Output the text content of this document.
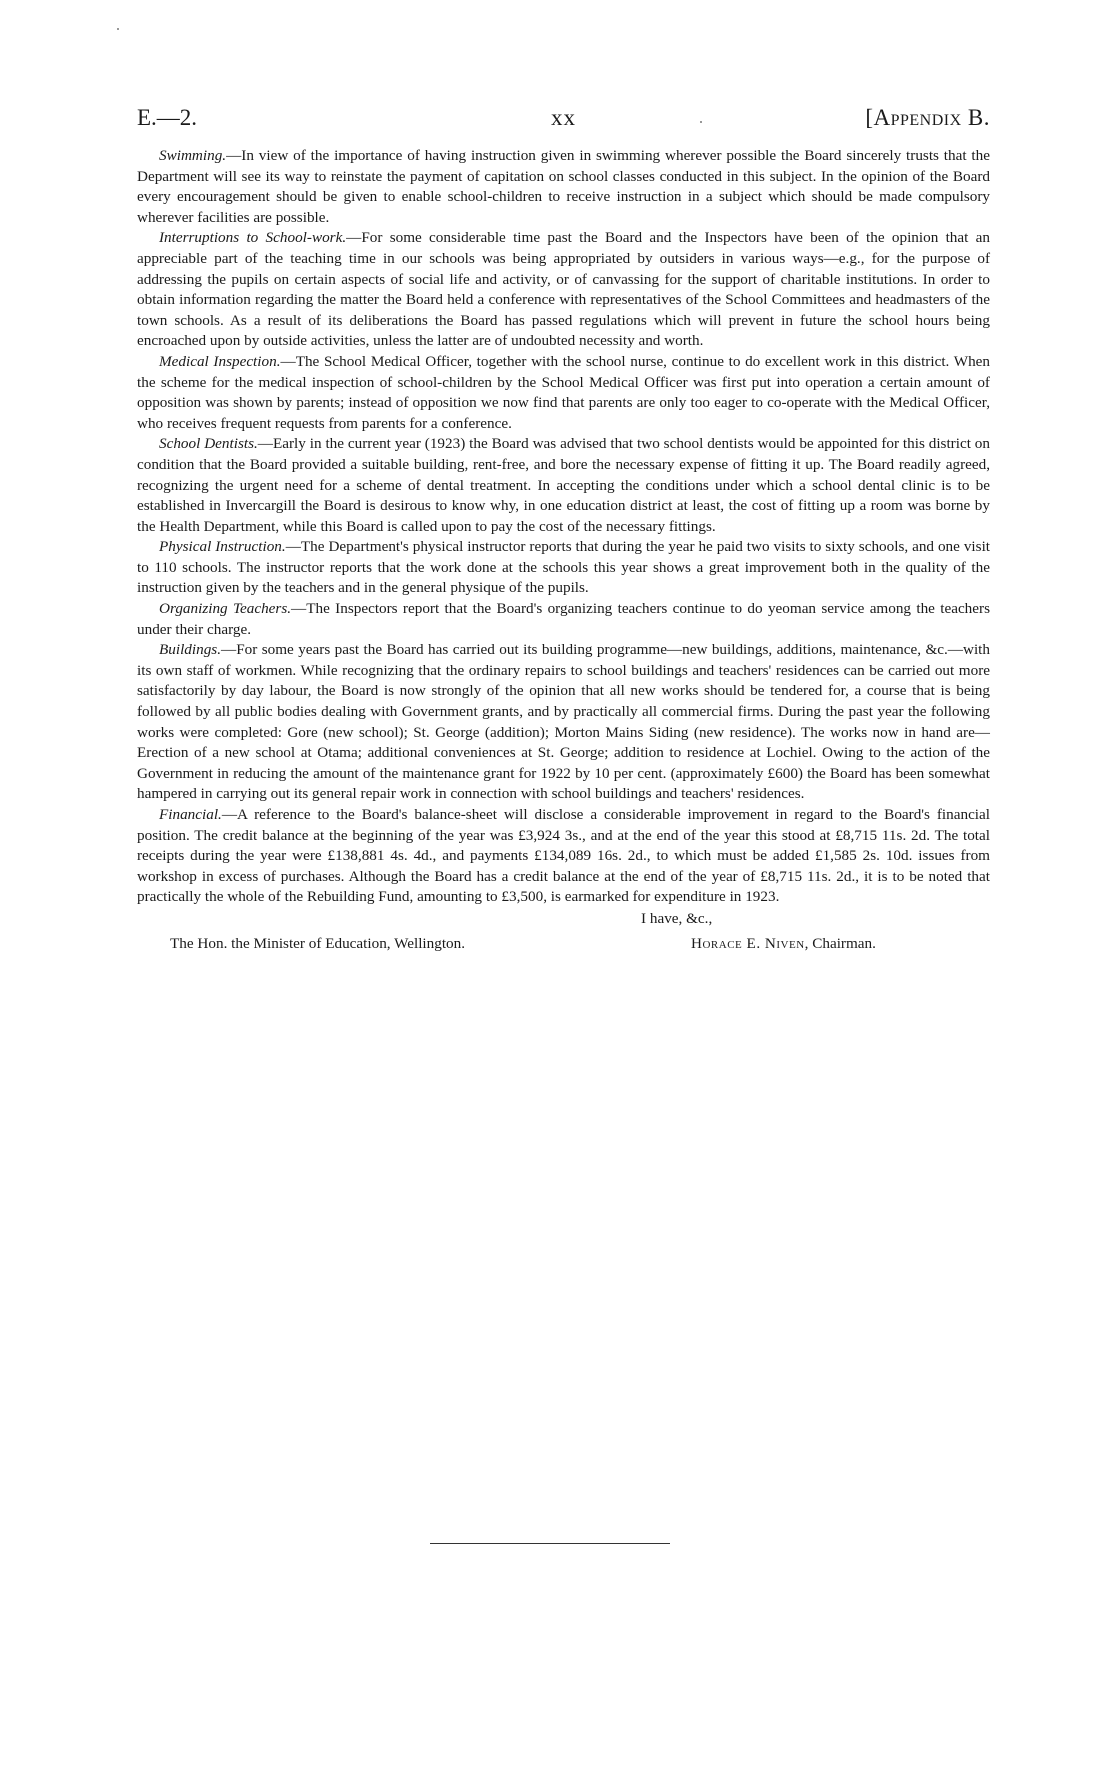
E.—2.	xx	[Appendix B.

Swimming.—In view of the importance of having instruction given in swimming wherever possible the Board sincerely trusts that the Department will see its way to reinstate the payment of capitation on school classes conducted in this subject. In the opinion of the Board every encouragement should be given to enable school-children to receive instruction in a subject which should be made compulsory wherever facilities are possible.

Interruptions to School-work.—For some considerable time past the Board and the Inspectors have been of the opinion that an appreciable part of the teaching time in our schools was being appropriated by outsiders in various ways—e.g., for the purpose of addressing the pupils on certain aspects of social life and activity, or of canvassing for the support of charitable institutions. In order to obtain information regarding the matter the Board held a conference with representatives of the School Committees and headmasters of the town schools. As a result of its deliberations the Board has passed regulations which will prevent in future the school hours being encroached upon by outside activities, unless the latter are of undoubted necessity and worth.

Medical Inspection.—The School Medical Officer, together with the school nurse, continue to do excellent work in this district. When the scheme for the medical inspection of school-children by the School Medical Officer was first put into operation a certain amount of opposition was shown by parents; instead of opposition we now find that parents are only too eager to co-operate with the Medical Officer, who receives frequent requests from parents for a conference.

School Dentists.—Early in the current year (1923) the Board was advised that two school dentists would be appointed for this district on condition that the Board provided a suitable building, rent-free, and bore the necessary expense of fitting it up. The Board readily agreed, recognizing the urgent need for a scheme of dental treatment. In accepting the conditions under which a school dental clinic is to be established in Invercargill the Board is desirous to know why, in one education district at least, the cost of fitting up a room was borne by the Health Department, while this Board is called upon to pay the cost of the necessary fittings.

Physical Instruction.—The Department's physical instructor reports that during the year he paid two visits to sixty schools, and one visit to 110 schools. The instructor reports that the work done at the schools this year shows a great improvement both in the quality of the instruction given by the teachers and in the general physique of the pupils.

Organizing Teachers.—The Inspectors report that the Board's organizing teachers continue to do yeoman service among the teachers under their charge.

Buildings.—For some years past the Board has carried out its building programme—new buildings, additions, maintenance, &c.—with its own staff of workmen. While recognizing that the ordinary repairs to school buildings and teachers' residences can be carried out more satisfactorily by day labour, the Board is now strongly of the opinion that all new works should be tendered for, a course that is being followed by all public bodies dealing with Government grants, and by practically all commercial firms. During the past year the following works were completed: Gore (new school); St. George (addition); Morton Mains Siding (new residence). The works now in hand are—Erection of a new school at Otama; additional conveniences at St. George; addition to residence at Lochiel. Owing to the action of the Government in reducing the amount of the maintenance grant for 1922 by 10 per cent. (approximately £600) the Board has been somewhat hampered in carrying out its general repair work in connection with school buildings and teachers' residences.

Financial.—A reference to the Board's balance-sheet will disclose a considerable improvement in regard to the Board's financial position. The credit balance at the beginning of the year was £3,924 3s., and at the end of the year this stood at £8,715 11s. 2d. The total receipts during the year were £138,881 4s. 4d., and payments £134,089 16s. 2d., to which must be added £1,585 2s. 10d. issues from workshop in excess of purchases. Although the Board has a credit balance at the end of the year of £8,715 11s. 2d., it is to be noted that practically the whole of the Rebuilding Fund, amounting to £3,500, is earmarked for expenditure in 1923.

I have, &c.,
The Hon. the Minister of Education, Wellington.	Horace E. Niven, Chairman.
